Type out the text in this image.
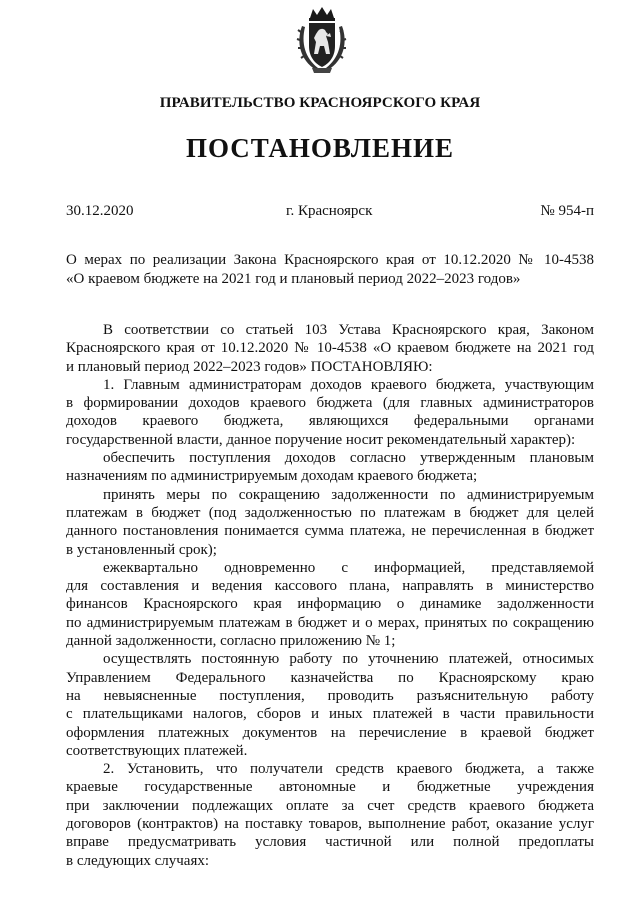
ПРАВИТЕЛЬСТВО КРАСНОЯРСКОГО КРАЯ
ПОСТАНОВЛЕНИЕ
30.12.2020	г. Красноярск	№ 954-п
О мерах по реализации Закона Красноярского края от 10.12.2020 № 10-4538
«О краевом бюджете на 2021 год и плановый период 2022–2023 годов»

В соответствии со статьей 103 Устава Красноярского края, Законом
Красноярского края от 10.12.2020 № 10-4538 «О краевом бюджете на 2021 год
и плановый период 2022–2023 годов» ПОСТАНОВЛЯЮ:

1. Главным администраторам доходов краевого бюджета, участвующим
в формировании доходов краевого бюджета (для главных администраторов
доходов краевого бюджета, являющихся федеральными органами
государственной власти, данное поручение носит рекомендательный характер):

обеспечить поступления доходов согласно утвержденным плановым
назначениям по администрируемым доходам краевого бюджета;

принять меры по сокращению задолженности по администрируемым
платежам в бюджет (под задолженностью по платежам в бюджет для целей
данного постановления понимается сумма платежа, не перечисленная в бюджет
в установленный срок);

ежеквартально одновременно с информацией, представляемой
для составления и ведения кассового плана, направлять в министерство
финансов Красноярского края информацию о динамике задолженности
по администрируемым платежам в бюджет и о мерах, принятых по сокращению
данной задолженности, согласно приложению № 1;

осуществлять постоянную работу по уточнению платежей, относимых
Управлением Федерального казначейства по Красноярскому краю
на невыясненные поступления, проводить разъяснительную работу
с плательщиками налогов, сборов и иных платежей в части правильности
оформления платежных документов на перечисление в краевой бюджет
соответствующих платежей.

2. Установить, что получатели средств краевого бюджета, а также
краевые государственные автономные и бюджетные учреждения
при заключении подлежащих оплате за счет средств краевого бюджета
договоров (контрактов) на поставку товаров, выполнение работ, оказание услуг
вправе предусматривать условия частичной или полной предоплаты
в следующих случаях:
